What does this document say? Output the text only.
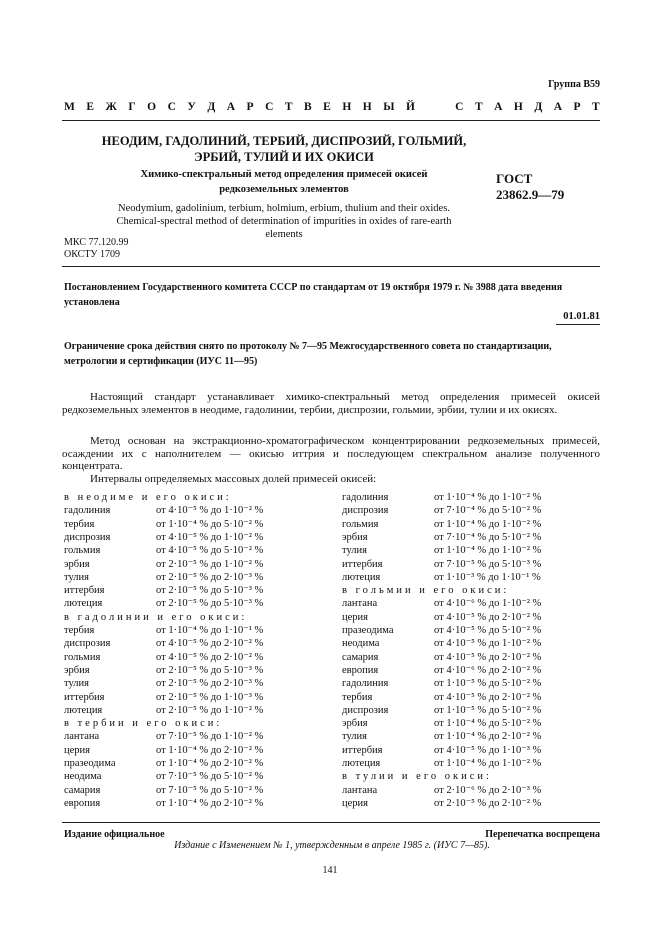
Группа В59
М Е Ж Г О С У Д А Р С Т В Е Н Н Ы Й

	С Т А Н Д А Р Т
НЕОДИМ, ГАДОЛИНИЙ, ТЕРБИЙ, ДИСПРОЗИЙ, ГОЛЬМИЙ,
ЭРБИЙ, ТУЛИЙ И ИХ ОКИСИ
Химико-спектральный метод определения примесей окисей
редкоземельных элементов
Neodymium, gadolinium, terbium, holmium, erbium, thulium and their oxides.
Chemical-spectral method of determination of impurities in oxides of rare-earth
elements
ГОСТ
23862.9—79
МКС 77.120.99
ОКСТУ 1709
Постановлением Государственного комитета СССР по стандартам от 19 октября 1979 г. № 3988 дата введения установлена
01.01.81
Ограничение срока действия снято по протоколу № 7—95 Межгосударственного совета по стандартизации, метрологии и сертификации (ИУС 11—95)
Настоящий стандарт устанавливает химико-спектральный метод определения примесей окисей редкоземельных элементов в неодиме, гадолинии, тербии, диспрозии, гольмии, эрбии, тулии и их окисях.
Метод основан на экстракционно-хроматографическом концентрировании редкоземельных примесей, осаждении их с наполнителем — окисью иттрия и последующем спектральном анализе полученного концентрата.
Интервалы определяемых массовых долей примесей окисей:
в неодиме и его окиси:
гадолиния	от 4·10⁻⁵ % до 1·10⁻² %
тербия	от 1·10⁻⁴ % до 5·10⁻² %
диспрозия	от 4·10⁻⁵ % до 1·10⁻² %
гольмия	от 4·10⁻⁵ % до 5·10⁻² %
эрбия	от 2·10⁻⁵ % до 1·10⁻² %
тулия	от 2·10⁻⁵ % до 2·10⁻³ %
иттербия	от 2·10⁻⁵ % до 5·10⁻³ %
лютеция	от 2·10⁻⁵ % до 5·10⁻³ %
в гадолинии и его окиси:
тербия	от 1·10⁻⁴ % до 1·10⁻¹ %
диспрозия	от 4·10⁻⁵ % до 2·10⁻² %
гольмия	от 4·10⁻⁵ % до 2·10⁻² %
эрбия	от 2·10⁻⁵ % до 5·10⁻³ %
тулия	от 2·10⁻⁵ % до 2·10⁻³ %
иттербия	от 2·10⁻⁵ % до 1·10⁻³ %
лютеция	от 2·10⁻⁵ % до 1·10⁻² %
в тербии и его окиси:
лантана	от 7·10⁻⁵ % до 1·10⁻² %
церия	от 1·10⁻⁴ % до 2·10⁻² %
празеодима	от 1·10⁻⁴ % до 2·10⁻² %
неодима	от 7·10⁻⁵ % до 5·10⁻² %
самария	от 7·10⁻⁵ % до 5·10⁻² %
европия	от 1·10⁻⁴ % до 2·10⁻² %
гадолиния	от 1·10⁻⁴ % до 1·10⁻² %
диспрозия	от 7·10⁻⁴ % до 5·10⁻² %
гольмия	от 1·10⁻⁴ % до 1·10⁻² %
эрбия	от 7·10⁻⁴ % до 5·10⁻² %
тулия	от 1·10⁻⁴ % до 1·10⁻² %
иттербия	от 7·10⁻⁵ % до 5·10⁻³ %
лютеция	от 1·10⁻³ % до 1·10⁻¹ %
в гольмии и его окиси:
лантана	от 4·10⁻⁶ % до 1·10⁻² %
церия	от 4·10⁻⁵ % до 2·10⁻² %
празеодима	от 4·10⁻⁵ % до 5·10⁻² %
неодима	от 4·10⁻⁵ % до 1·10⁻² %
самария	от 4·10⁻⁵ % до 2·10⁻² %
европия	от 4·10⁻⁶ % до 2·10⁻² %
гадолиния	от 1·10⁻⁵ % до 5·10⁻² %
тербия	от 4·10⁻⁵ % до 2·10⁻² %
диспрозия	от 1·10⁻⁵ % до 5·10⁻² %
эрбия	от 1·10⁻⁴ % до 5·10⁻² %
тулия	от 1·10⁻⁴ % до 2·10⁻² %
иттербия	от 4·10⁻⁵ % до 1·10⁻³ %
лютеция	от 1·10⁻⁴ % до 1·10⁻² %
в тулии и его окиси:
лантана	от 2·10⁻⁶ % до 2·10⁻³ %
церия	от 2·10⁻⁵ % до 2·10⁻² %
Издание официальное	Перепечатка воспрещена
Издание с Изменением № 1, утвержденным в апреле 1985 г. (ИУС 7—85).
141
